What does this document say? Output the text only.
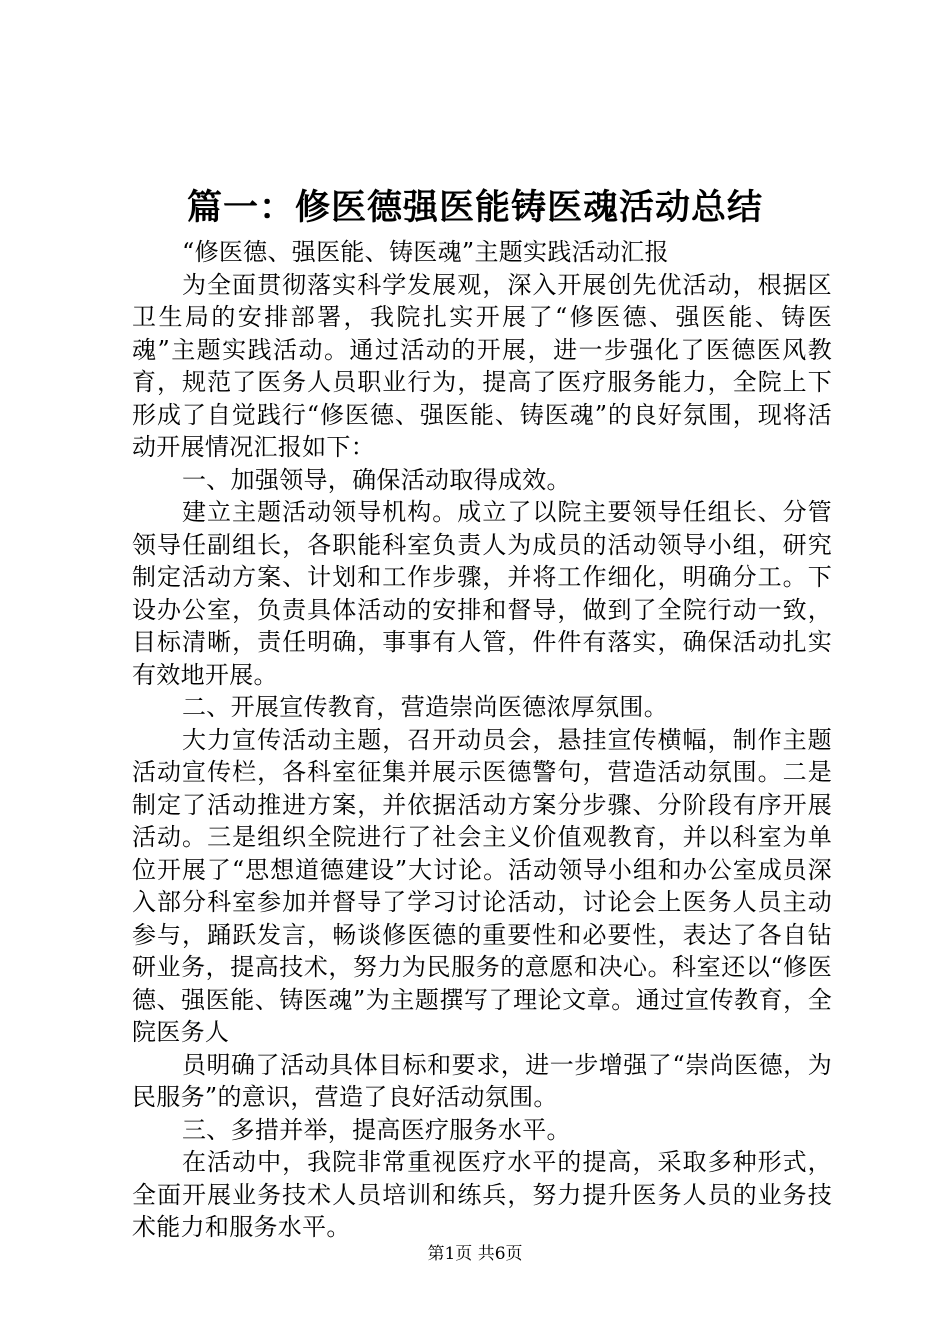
篇一：修医德强医能铸医魂活动总结

“修医德、强医能、铸医魂”主题实践活动汇报

为全面贯彻落实科学发展观，深入开展创先优活动，根据区卫生局的安排部署，我院扎实开展了“修医德、强医能、铸医魂”主题实践活动。通过活动的开展，进一步强化了医德医风教育，规范了医务人员职业行为，提高了医疗服务能力，全院上下形成了自觉践行“修医德、强医能、铸医魂”的良好氛围，现将活动开展情况汇报如下：

一、加强领导，确保活动取得成效。

建立主题活动领导机构。成立了以院主要领导任组长、分管领导任副组长，各职能科室负责人为成员的活动领导小组，研究制定活动方案、计划和工作步骤，并将工作细化，明确分工。下设办公室，负责具体活动的安排和督导，做到了全院行动一致，目标清晰，责任明确，事事有人管，件件有落实，确保活动扎实有效地开展。

二、开展宣传教育，营造崇尚医德浓厚氛围。

大力宣传活动主题，召开动员会，悬挂宣传横幅，制作主题活动宣传栏，各科室征集并展示医德警句，营造活动氛围。二是制定了活动推进方案，并依据活动方案分步骤、分阶段有序开展活动。三是组织全院进行了社会主义价值观教育，并以科室为单位开展了“思想道德建设”大讨论。活动领导小组和办公室成员深入部分科室参加并督导了学习讨论活动，讨论会上医务人员主动参与，踊跃发言，畅谈修医德的重要性和必要性，表达了各自钻研业务，提高技术，努力为民服务的意愿和决心。科室还以“修医德、强医能、铸医魂”为主题撰写了理论文章。通过宣传教育，全院医务人

员明确了活动具体目标和要求，进一步增强了“崇尚医德，为民服务”的意识，营造了良好活动氛围。

三、多措并举，提高医疗服务水平。

在活动中，我院非常重视医疗水平的提高，采取多种形式，全面开展业务技术人员培训和练兵，努力提升医务人员的业务技术能力和服务水平。

第1页 共6页
